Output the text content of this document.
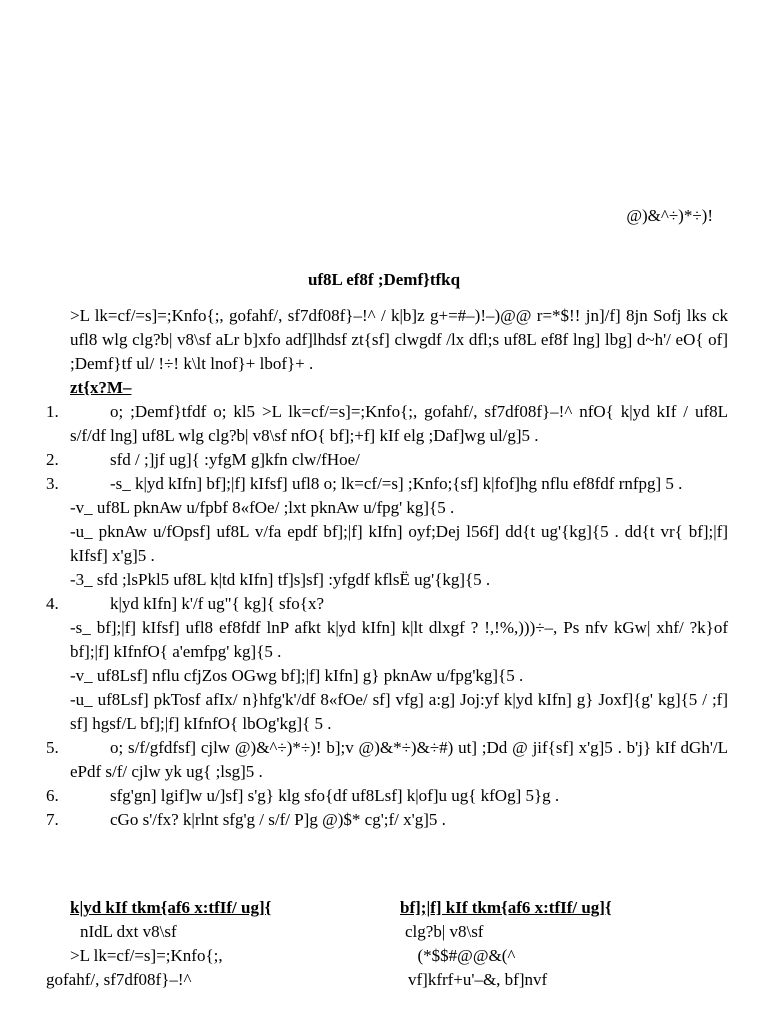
@)&^÷)*÷)!
uf8L ef8f ;Demf}tfkq

>L lk=cf/=s]=;Knfo{;, gofahf/, sf7df08f}–!^ / k|b]z g+=#–)!–)@@ r=*$!! jn]/f] 8jn Sofj lks ck ufl8 wlg clg?b| v8\sf aLr b]xfo adf]lhdsf zt{sf] clwgdf /lx dfl;s uf8L ef8f lng] lbg] d~h'/ eO{ of] ;Demf}tf ul/ !÷! k\lt lnof}+ lbof}+ .

zt{x?M–
1.	o; ;Demf}tfdf o; kl5 >L lk=cf/=s]=;Knfo{;, gofahf/, sf7df08f}–!^ nfO{ k|yd kIf / uf8L s/f/df lng] uf8L wlg clg?b| v8\sf nfO{ bf];+f] kIf elg ;Daf]wg ul/g]5 .
2.	sfd / ;]jf ug]{ :yfgM g]kfn clw/fHoe/
3.	-s_ k|yd kIfn] bf];|f] kIfsf] ufl8 o; lk=cf/=s] ;Knfo;{sf] k|fof]hg nflu ef8fdf rnfpg] 5 .
-v_ uf8L pknAw u/fpbf 8«fOe/ ;lxt pknAw u/fpg' kg]{5 .
-u_ pknAw u/fOpsf] uf8L v/fa epdf bf];|f] kIfn] oyf;Dej l56f] dd{t ug'{kg]{5 . dd{t vr{ bf];|f] kIfsf] x'g]5 .
-3_ sfd ;lsPkl5 uf8L k|td kIfn] tf]s]sf] :yfgdf kflsË ug'{kg]{5 .
4.	k|yd kIfn] k'/f ug"{ kg]{ sfo{x?
-s_ bf];|f] kIfsf] ufl8 ef8fdf lnP afkt k|yd kIfn] k|lt dlxgf ? !,!%,)))÷–, Ps nfv kGw| xhf/ ?k}of bf];|f] kIfnfO{ a'emfpg' kg]{5 .
-v_ uf8Lsf] nflu cfjZos OGwg bf];|f] kIfn] g} pknAw u/fpg'kg]{5 .
-u_ uf8Lsf] pkTosf afIx/ n}hfg'k'/df 8«fOe/ sf] vfg] a:g] Joj:yf k|yd kIfn] g} Joxf]{g' kg]{5 / ;f] sf] hgsf/L bf];|f] kIfnfO{ lbOg'kg]{ 5 .
5.	o; s/f/gfdfsf] cjlw @)&^÷)*÷)! b];v @)&*÷)&÷#) ut] ;Dd @ jif{sf] x'g]5 . b'j} kIf dGh'/L ePdf s/f/ cjlw yk ug{ ;lsg]5 .
6.	sfg'gn] lgif]w u/]sf] s'g} klg sfo{df uf8Lsf] k|of]u ug{ kfOg] 5}g .
7.	cGo s'/fx? k|rlnt sfg'g / s/f/ P]g @)$* cg';f/ x'g]5 .
k|yd kIf tkm{af6 x:tfIf/ ug]{	bf];|f] kIf tkm{af6 x:tfIf/ ug]{
nIdL dxt v8\sf	clg?b| v8\sf
>L lk=cf/=s]=;Knfo{;,	(*$$#@@&(^
gofahf/, sf7df08f}–!^	vf]kfrf+u'–&, bf]nvf
